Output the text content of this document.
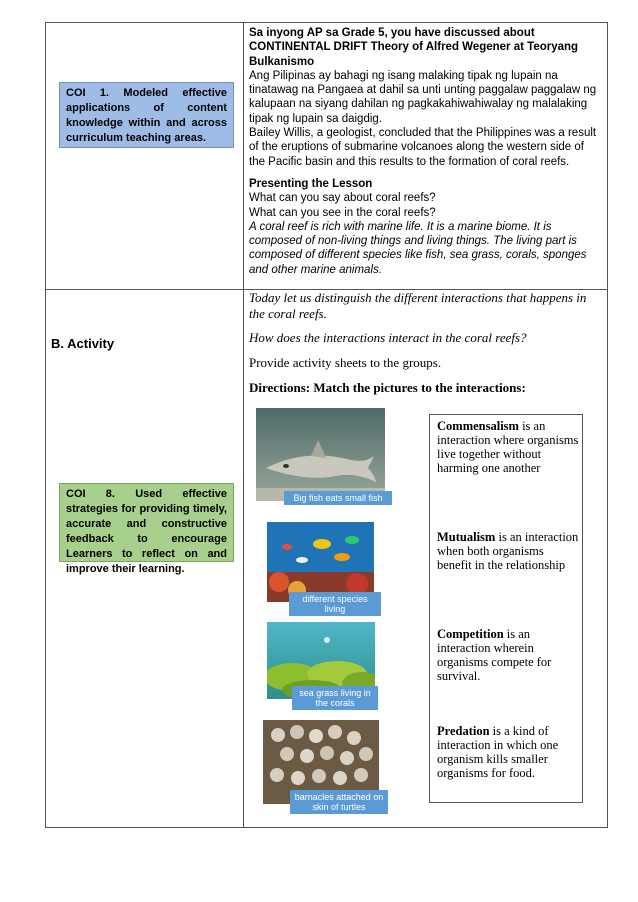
COI 1. Modeled effective applications of content knowledge within and across curriculum teaching areas.
B. Activity
COI 8. Used effective strategies for providing timely, accurate and constructive feedback to encourage Learners to reflect on and improve their learning.
Sa inyong AP sa Grade 5, you have discussed about CONTINENTAL DRIFT Theory of Alfred Wegener at Teoryang Bulkanismo
Ang Pilipinas ay bahagi ng isang malaking tipak ng lupain na tinatawag na Pangaea at dahil sa unti unting paggalaw paggalaw ng kalupaan na siyang dahilan ng pagkakahiwahiwalay ng malalaking tipak ng lupain sa daigdig.
Bailey Willis, a geologist, concluded that the Philippines was a result of the eruptions of submarine volcanoes along the western side of the Pacific basin and this results to the formation of coral reefs.
Presenting the Lesson
What can you say about coral reefs?
What can you see in the coral reefs?
A coral reef is rich with marine life. It is a marine biome. It is composed of non-living things and living things. The living part is composed of different species like fish, sea grass, corals, sponges and other marine animals.
Today let us distinguish the different interactions that happens in the coral reefs.
How does the interactions interact in the coral reefs?
Provide activity sheets to the groups.
Directions: Match the pictures to the interactions:
Big fish eats small fish
different species living
sea grass living in the corals
barnacles attached on skin of turtles
Commensalism is an interaction where organisms live together without harming one another
Mutualism is an interaction when both organisms benefit in the relationship
Competition is an interaction wherein organisms compete for survival.
Predation is a kind of interaction in which one organism kills smaller organisms for food.
